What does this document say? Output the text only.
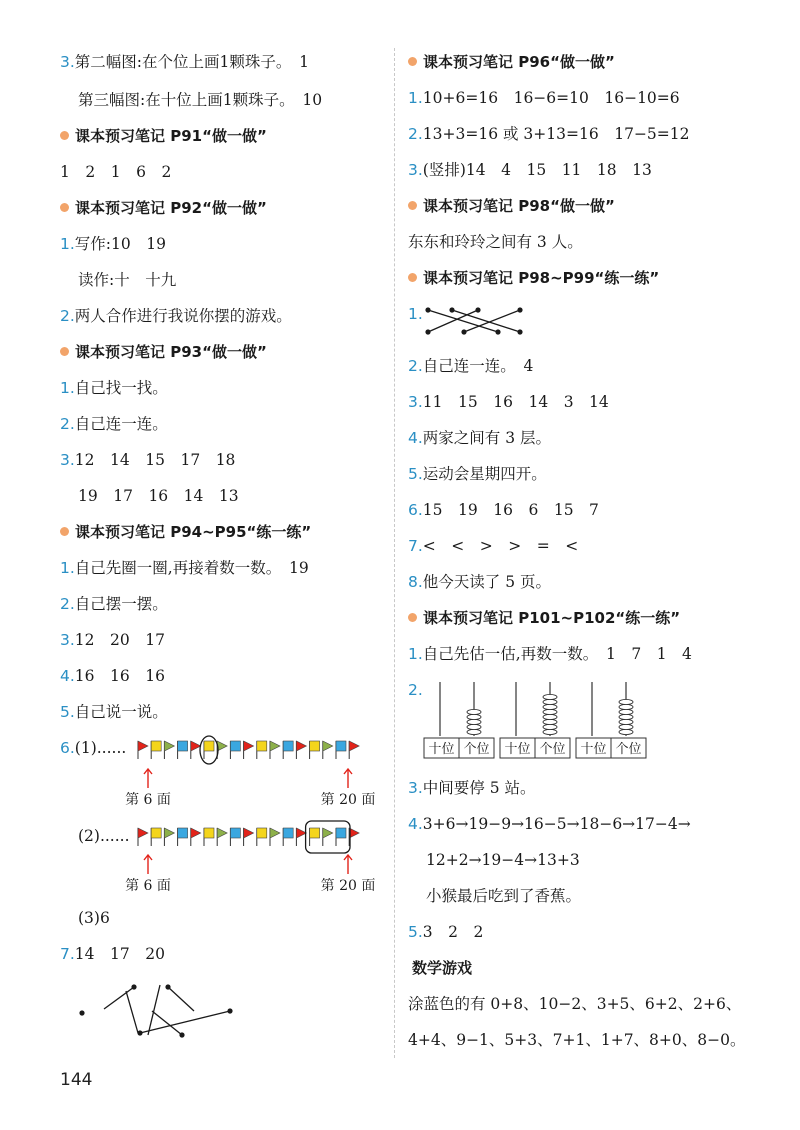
3.第二幅图:在个位上画1颗珠子。　1
第三幅图:在十位上画1颗珠子。　10
课本预习笔记 P91“做一做”
1　2　1　6　2
课本预习笔记 P92“做一做”
1.写作:10　19
读作:十　十九
2.两人合作进行我说你摆的游戏。
课本预习笔记 P93“做一做”
1.自己找一找。
2.自己连一连。
3.12　14　15　17　18
19　17　16　14　13
课本预习笔记 P94~P95“练一练”
1.自己先圈一圈,再接着数一数。　19
2.自己摆一摆。
3.12　20　17
4.16　16　16
5.自己说一说。
6.(1)......
第 6 面	第 20 面
(2)......
第 6 面	第 20 面
(3)6
7.14　17　20
课本预习笔记 P96“做一做”
1.10+6=16　16−6=10　16−10=6
2.13+3=16 或 3+13=16　17−5=12
3.(竖排)14　4　15　11　18　13
课本预习笔记 P98“做一做”
东东和玲玲之间有 3 人。
课本预习笔记 P98~P99“练一练”
1.
2.自己连一连。　4
3.11　15　16　14　3　14
4.两家之间有 3 层。
5.运动会星期四开。
6.15　19　16　6　15　7
7.<　<　>　>　=　<
8.他今天读了 5 页。
课本预习笔记 P101~P102“练一练”
1.自己先估一估,再数一数。　1　7　1　4
2.
十位 个位 十位 个位 十位 个位
3.中间要停 5 站。
4.3+6→19−9→16−5→18−6→17−4→
12+2→19−4→13+3
小猴最后吃到了香蕉。
5.3　2　2
数学游戏
涂蓝色的有 0+8、10−2、3+5、6+2、2+6、
4+4、9−1、5+3、7+1、1+7、8+0、8−0。
144
